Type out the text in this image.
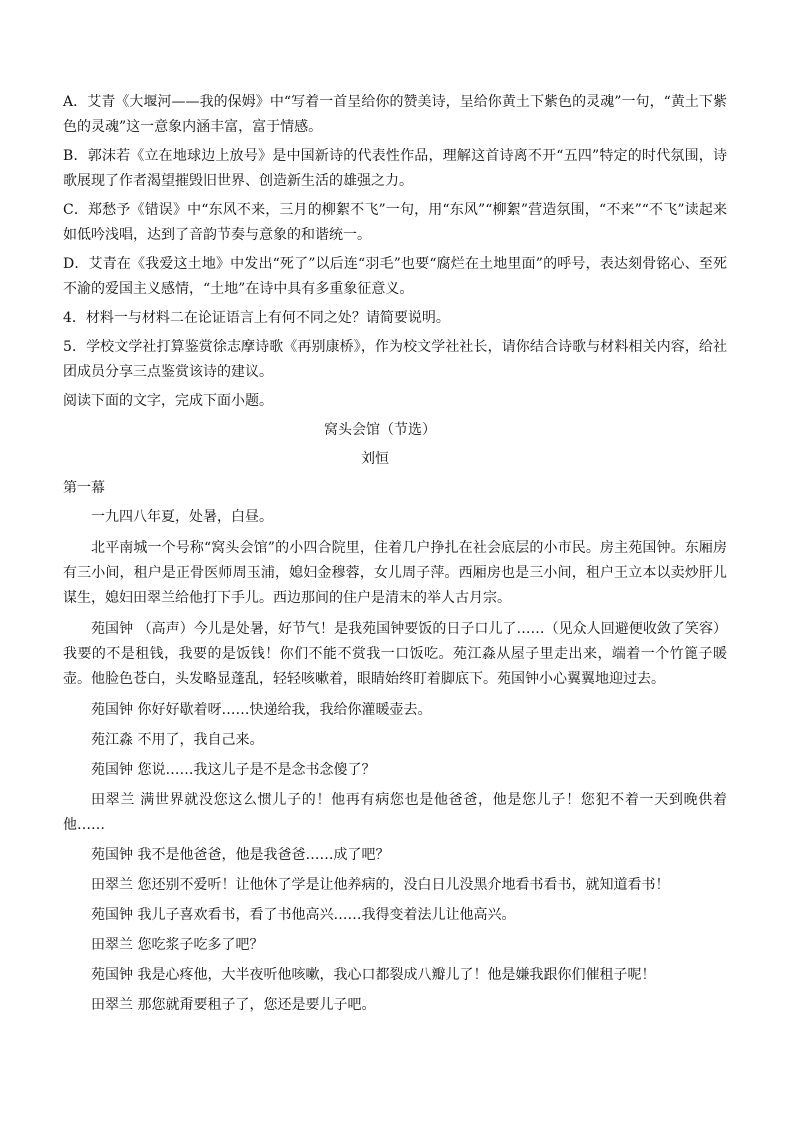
A．艾青《大堰河——我的保姆》中“写着一首呈给你的赞美诗，呈给你黄土下紫色的灵魂”一句，“黄土下紫色的灵魂”这一意象内涵丰富，富于情感。

B．郭沫若《立在地球边上放号》是中国新诗的代表性作品，理解这首诗离不开“五四”特定的时代氛围，诗歌展现了作者渴望摧毁旧世界、创造新生活的雄强之力。

C．郑愁予《错误》中“东风不来，三月的柳絮不飞”一句，用“东风”“柳絮”营造氛围，“不来”“不飞”读起来如低吟浅唱，达到了音韵节奏与意象的和谐统一。

D．艾青在《我爱这土地》中发出“死了”以后连“羽毛”也要“腐烂在土地里面”的呼号，表达刻骨铭心、至死不渝的爱国主义感情，“土地”在诗中具有多重象征意义。

4．材料一与材料二在论证语言上有何不同之处？请简要说明。

5．学校文学社打算鉴赏徐志摩诗歌《再别康桥》，作为校文学社社长，请你结合诗歌与材料相关内容，给社团成员分享三点鉴赏该诗的建议。

阅读下面的文字，完成下面小题。

窝头会馆（节选）

刘恒

第一幕

一九四八年夏，处暑，白昼。

北平南城一个号称“窝头会馆”的小四合院里，住着几户挣扎在社会底层的小市民。房主苑国钟。东厢房有三小间，租户是正骨医师周玉浦，媳妇金穆蓉，女儿周子萍。西厢房也是三小间，租户王立本以卖炒肝儿谋生，媳妇田翠兰给他打下手儿。西边那间的住户是清末的举人古月宗。

苑国钟 （高声）今儿是处暑，好节气！是我苑国钟要饭的日子口儿了……（见众人回避便收敛了笑容）我要的不是租钱，我要的是饭钱！你们不能不赏我一口饭吃。苑江淼从屋子里走出来，端着一个竹篦子暖壶。他脸色苍白，头发略显蓬乱，轻轻咳嗽着，眼睛始终盯着脚底下。苑国钟小心翼翼地迎过去。

苑国钟 你好好歇着呀……快递给我，我给你灌暖壶去。

苑江淼 不用了，我自己来。

苑国钟 您说……我这儿子是不是念书念傻了？

田翠兰 满世界就没您这么惯儿子的！他再有病您也是他爸爸，他是您儿子！您犯不着一天到晚供着他……

苑国钟 我不是他爸爸，他是我爸爸……成了吧？

田翠兰 您还别不爱听！让他休了学是让他养病的，没白日儿没黑介地看书看书，就知道看书！

苑国钟 我儿子喜欢看书，看了书他高兴……我得变着法儿让他高兴。

田翠兰 您吃浆子吃多了吧？

苑国钟 我是心疼他，大半夜听他咳嗽，我心口都裂成八瓣儿了！他是嫌我跟你们催租子呢！

田翠兰 那您就甭要租子了，您还是要儿子吧。
